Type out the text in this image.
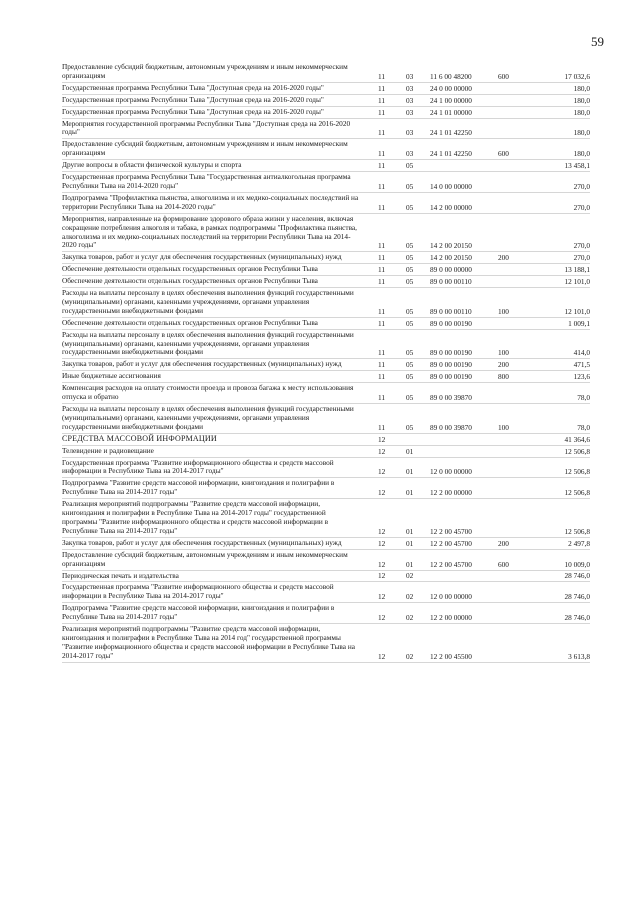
59
Предоставление субсидий бюджетным, автономным учреждениям и иным некоммерческим организациям	11	03 11 6 00 48200	600	17 032,6
Государственная программа Республики Тыва "Доступная среда на 2016-2020 годы"	11	03 24 0 00 00000	180,0
Государственная программа Республики Тыва "Доступная среда на 2016-2020 годы"	11	03 24 1 00 00000	180,0
Государственная программа Республики Тыва "Доступная среда на 2016-2020 годы"	11	03 24 1 01 00000	180,0
Мероприятия государственной программы Республики Тыва "Доступная среда на 2016-2020 годы"	11	03 24 1 01 42250	180,0
Предоставление субсидий бюджетным, автономным учреждениям и иным некоммерческим организациям	11	03 24 1 01 42250	600	180,0
Другие вопросы в области физической культуры и спорта	11	05	13 458,1
Государственная программа Республики Тыва "Государственная антиалкогольная программа Республики Тыва на 2014-2020 годы"	11	05 14 0 00 00000	270,0
Подпрограмма "Профилактика пьянства, алкоголизма и их медико-социальных последствий на территории Республики Тыва на 2014-2020 годы"	11	05 14 2 00 00000	270,0
Мероприятия, направленные на формирование здорового образа жизни у населения, включая сокращение потребления алкоголя и табака, в рамках подпрограммы "Профилактика пьянства, алкоголизма и их медико-социальных последствий на территории Республики Тыва на 2014-2020 годы"	11	05 14 2 00 20150	270,0
Закупка товаров, работ и услуг для обеспечения государственных (муниципальных) нужд	11	05 14 2 00 20150	200	270,0
Обеспечение деятельности отдельных государственных органов Республики Тыва	11	05 89 0 00 00000	13 188,1
Обеспечение деятельности отдельных государственных органов Республики Тыва	11	05 89 0 00 00110	12 101,0
Расходы на выплаты персоналу в целях обеспечения выполнения функций государственными (муниципальными) органами, казенными учреждениями, органами управления государственными внебюджетными фондами	11	05 89 0 00 00110	100	12 101,0
Обеспечение деятельности отдельных государственных органов Республики Тыва	11	05 89 0 00 00190	1 009,1
Расходы на выплаты персоналу в целях обеспечения выполнения функций государственными (муниципальными) органами, казенными учреждениями, органами управления государственными внебюджетными фондами	11	05 89 0 00 00190	100	414,0
Закупка товаров, работ и услуг для обеспечения государственных (муниципальных) нужд	11	05 89 0 00 00190	200	471,5
Иные бюджетные ассигнования	11	05 89 0 00 00190	800	123,6
Компенсация расходов на оплату стоимости проезда и провоза багажа к месту использования отпуска и обратно	11	05 89 0 00 39870	78,0
Расходы на выплаты персоналу в целях обеспечения выполнения функций государственными (муниципальными) органами, казенными учреждениями, органами управления государственными внебюджетными фондами	11	05 89 0 00 39870	100	78,0
СРЕДСТВА МАССОВОЙ ИНФОРМАЦИИ	12	41 364,6
Телевидение и радиовещание	12	01	12 506,8
Государственная программа "Развитие информационного общества и средств массовой информации в Республике Тыва на 2014-2017 годы"	12	01 12 0 00 00000	12 506,8
Подпрограмма "Развитие средств массовой информации, книгоиздания и полиграфии в Республике Тыва на 2014-2017 годы"	12	01 12 2 00 00000	12 506,8
Реализация мероприятий подпрограммы "Развитие средств массовой информации, книгоиздания и полиграфии в Республике Тыва на 2014-2017 годы" государственной программы "Развитие информационного общества и средств массовой информации в Республике Тыва на 2014-2017 годы"	12	01 12 2 00 45700	12 506,8
Закупка товаров, работ и услуг для обеспечения государственных (муниципальных) нужд	12	01 12 2 00 45700	200	2 497,8
Предоставление субсидий бюджетным, автономным учреждениям и иным некоммерческим организациям	12	01 12 2 00 45700	600	10 009,0
Периодическая печать и издательства	12	02	28 746,0
Государственная программа "Развитие информационного общества и средств массовой информации в Республике Тыва на 2014-2017 годы"	12	02 12 0 00 00000	28 746,0
Подпрограмма "Развитие средств массовой информации, книгоиздания и полиграфии в Республике Тыва на 2014-2017 годы"	12	02 12 2 00 00000	28 746,0
Реализация мероприятий подпрограммы "Развитие средств массовой информации, книгоиздания и полиграфии в Республике Тыва на 2014 год" государственной программы "Развитие информационного общества и средств массовой информации в Республике Тыва на 2014-2017 годы"	12	02 12 2 00 45500	3 613,8
